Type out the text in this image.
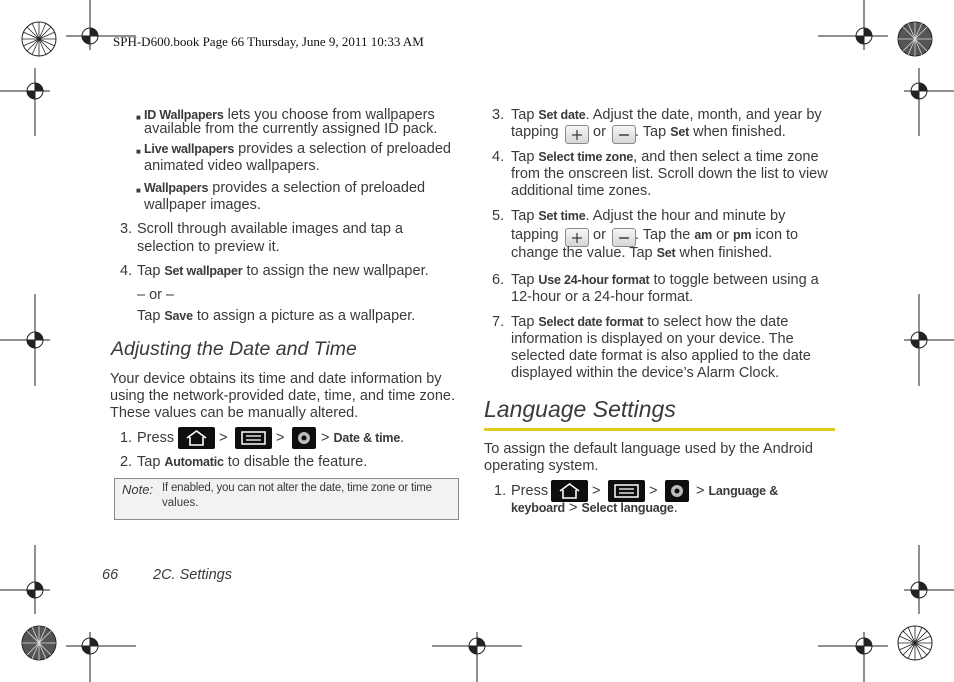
SPH-D600.book Page 66 Thursday, June 9, 2011 10:33 AM
■ ID Wallpapers lets you choose from wallpapers
available from the currently assigned ID pack.
■ Live wallpapers provides a selection of preloaded
animated video wallpapers.
■ Wallpapers provides a selection of preloaded
wallpaper images.
3. Scroll through available images and tap a
selection to preview it.
4. Tap Set wallpaper to assign the new wallpaper.
– or –
Tap Save to assign a picture as a wallpaper.
Adjusting the Date and Time
Your device obtains its time and date information by
using the network-provided date, time, and time zone.
These values can be manually altered.
1. Press	>	>	> Date & time.
2. Tap Automatic to disable the feature.
Note: If enabled, you can not alter the date, time zone or time
values.
3. Tap Set date. Adjust the date, month, and year by
tapping or . Tap Set when finished.
4. Tap Select time zone, and then select a time zone
from the onscreen list. Scroll down the list to view
additional time zones.
5. Tap Set time. Adjust the hour and minute by
tapping or . Tap the am or pm icon to
change the value. Tap Set when finished.
6. Tap Use 24-hour format to toggle between using a
12-hour or a 24-hour format.
7. Tap Select date format to select how the date
information is displayed on your device. The
selected date format is also applied to the date
displayed within the device’s Alarm Clock.
Language Settings
To assign the default language used by the Android
operating system.
1. Press	>	>	> Language &
keyboard > Select language.
66 2C. Settings
